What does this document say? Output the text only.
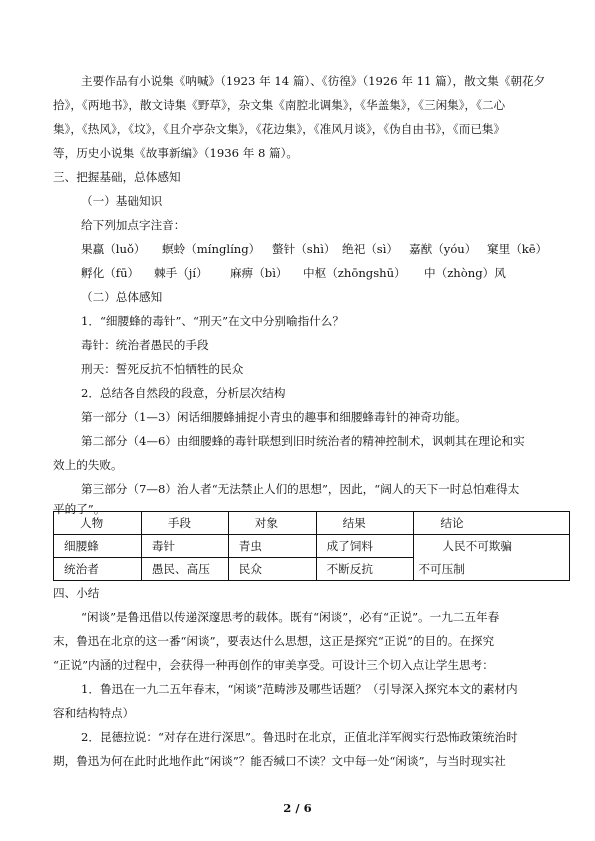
主要作品有小说集《呐喊》（1923 年 14 篇）、《彷徨》（1926 年 11 篇），散文集《朝花夕
拾》，《两地书》，散文诗集《野草》，杂文集《南腔北调集》，《华盖集》，《三闲集》，《二心
集》，《热风》，《坟》，《且介亭杂文集》，《花边集》，《准风月谈》，《伪自由书》，《而已集》
等，历史小说集《故事新编》（1936 年 8 篇）。
三、把握基础，总体感知
（一）基础知识
给下列加点字注音：
果蠃（luǒ） 螟蛉（mínglíng） 螫针（shì） 绝祀（sì） 嘉猷（yóu） 窠里（kē）
孵化（fū） 棘手（jí） 麻痹（bì） 中枢（zhōngshū） 中（zhòng）风
（二）总体感知
1．“细腰蜂的毒针”、“刑天”在文中分别喻指什么？
毒针：统治者愚民的手段
刑天：誓死反抗不怕牺牲的民众
2．总结各自然段的段意，分析层次结构
第一部分（1—3）闲话细腰蜂捕捉小青虫的趣事和细腰蜂毒针的神奇功能。
第二部分（4—6）由细腰蜂的毒针联想到旧时统治者的精神控制术，讽刺其在理论和实
效上的失败。
第三部分（7—8）治人者“无法禁止人们的思想”，因此，“阔人的天下一时总怕难得太
平的了”。
人物	手段	对象	结果	结论
细腰蜂	毒针	青虫	成了饲料	人民不可欺骗
不可压制

统治者	愚民、高压	民众	不断反抗	
四、小结
“闲谈”是鲁迅借以传递深邃思考的载体。既有“闲谈”，必有“正说”。一九二五年春
末，鲁迅在北京的这一番“闲谈”，要表达什么思想，这正是探究“正说”的目的。在探究
“正说”内涵的过程中，会获得一种再创作的审美享受。可设计三个切入点让学生思考：
1．鲁迅在一九二五年春末，“闲谈”范畴涉及哪些话题？（引导深入探究本文的素材内
容和结构特点）
2．昆德拉说：“对存在进行深思”。鲁迅时在北京，正值北洋军阀实行恐怖政策统治时
期，鲁迅为何在此时此地作此“闲谈”？能否缄口不读？文中每一处“闲谈”，与当时现实社
2 / 6
